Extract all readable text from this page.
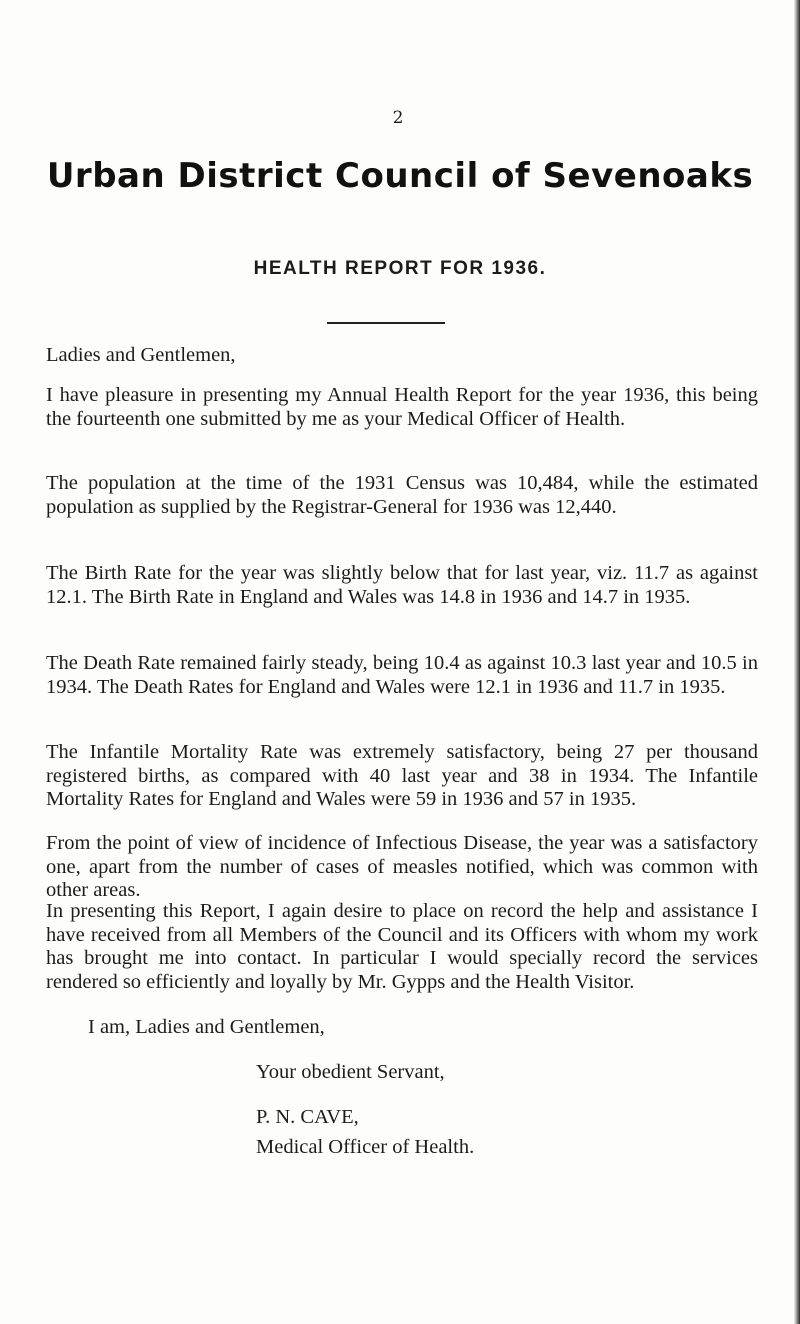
2
Urban District Council of Sevenoaks
HEALTH REPORT FOR 1936.
Ladies and Gentlemen,

I have pleasure in presenting my Annual Health Report for the year 1936, this being the fourteenth one submitted by me as your Medical Officer of Health.

The population at the time of the 1931 Census was 10,484, while the estimated population as supplied by the Registrar-General for 1936 was 12,440.

The Birth Rate for the year was slightly below that for last year, viz. 11.7 as against 12.1. The Birth Rate in England and Wales was 14.8 in 1936 and 14.7 in 1935.

The Death Rate remained fairly steady, being 10.4 as against 10.3 last year and 10.5 in 1934. The Death Rates for England and Wales were 12.1 in 1936 and 11.7 in 1935.

The Infantile Mortality Rate was extremely satisfactory, being 27 per thousand registered births, as compared with 40 last year and 38 in 1934. The Infantile Mortality Rates for England and Wales were 59 in 1936 and 57 in 1935.

From the point of view of incidence of Infectious Disease, the year was a satisfactory one, apart from the number of cases of measles notified, which was common with other areas.

In presenting this Report, I again desire to place on record the help and assistance I have received from all Members of the Council and its Officers with whom my work has brought me into contact. In particular I would specially record the services rendered so efficiently and loyally by Mr. Gypps and the Health Visitor.

I am, Ladies and Gentlemen,
Your obedient Servant,
P. N. CAVE,
Medical Officer of Health.
